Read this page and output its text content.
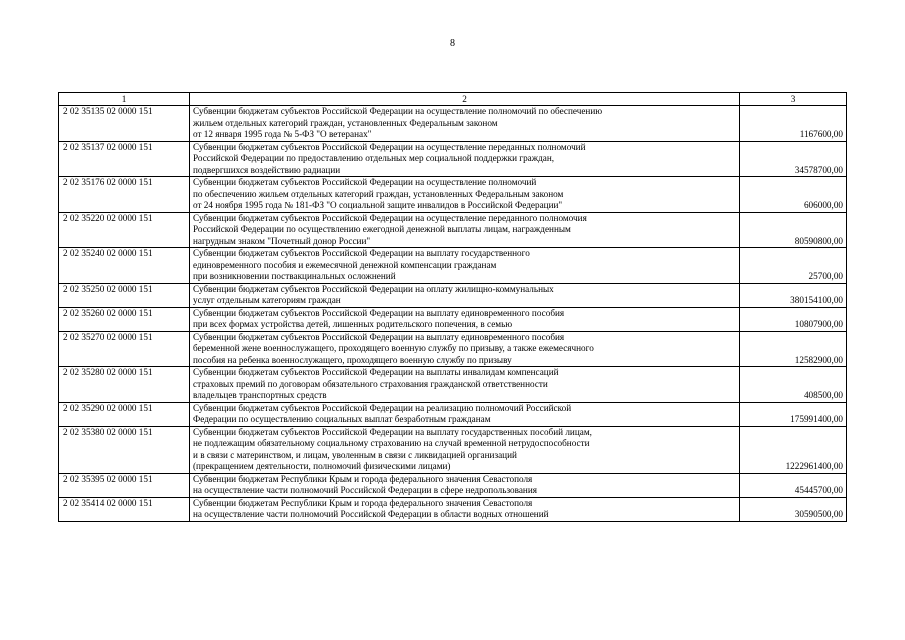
8
1	2	3
2 02 35135 02 0000 151	Субвенции бюджетам субъектов Российской Федерации на осуществление полномочий по обеспечению
жильем отдельных категорий граждан, установленных Федеральным законом
от 12 января 1995 года № 5-ФЗ "О ветеранах"	1167600,00
2 02 35137 02 0000 151	Субвенции бюджетам субъектов Российской Федерации на осуществление переданных полномочий
Российской Федерации по предоставлению отдельных мер социальной поддержки граждан,
подвергшихся воздействию радиации	34578700,00
2 02 35176 02 0000 151	Субвенции бюджетам субъектов Российской Федерации на осуществление полномочий
по обеспечению жильем отдельных категорий граждан, установленных Федеральным законом
от 24 ноября 1995 года № 181-ФЗ "О социальной защите инвалидов в Российской Федерации"	606000,00
2 02 35220 02 0000 151	Субвенции бюджетам субъектов Российской Федерации на осуществление переданного полномочия
Российской Федерации по осуществлению ежегодной денежной выплаты лицам, награжденным
нагрудным знаком "Почетный донор России"	80590800,00
2 02 35240 02 0000 151	Субвенции бюджетам субъектов Российской Федерации на выплату государственного
единовременного пособия и ежемесячной денежной компенсации гражданам
при возникновении поствакцинальных осложнений	25700,00
2 02 35250 02 0000 151	Субвенции бюджетам субъектов Российской Федерации на оплату жилищно-коммунальных
услуг отдельным категориям граждан	380154100,00
2 02 35260 02 0000 151	Субвенции бюджетам субъектов Российской Федерации на выплату единовременного пособия
при всех формах устройства детей, лишенных родительского попечения, в семью	10807900,00
2 02 35270 02 0000 151	Субвенции бюджетам субъектов Российской Федерации на выплату единовременного пособия
беременной жене военнослужащего, проходящего военную службу по призыву, а также ежемесячного
пособия на ребенка военнослужащего, проходящего военную службу по призыву	12582900,00
2 02 35280 02 0000 151	Субвенции бюджетам субъектов Российской Федерации на выплаты инвалидам компенсаций
страховых премий по договорам обязательного страхования гражданской ответственности
владельцев транспортных средств	408500,00
2 02 35290 02 0000 151	Субвенции бюджетам субъектов Российской Федерации на реализацию полномочий Российской
Федерации по осуществлению социальных выплат безработным гражданам	175991400,00
2 02 35380 02 0000 151	Субвенции бюджетам субъектов Российской Федерации на выплату государственных пособий лицам,
не подлежащим обязательному социальному страхованию на случай временной нетрудоспособности
и в связи с материнством, и лицам, уволенным в связи с ликвидацией организаций
(прекращением деятельности, полномочий физическими лицами)	1222961400,00
2 02 35395 02 0000 151	Субвенции бюджетам Республики Крым и города федерального значения Севастополя
на осуществление части полномочий Российской Федерации в сфере недропользования	45445700,00
2 02 35414 02 0000 151	Субвенции бюджетам Республики Крым и города федерального значения Севастополя
на осуществление части полномочий Российской Федерации в области водных отношений	30590500,00
